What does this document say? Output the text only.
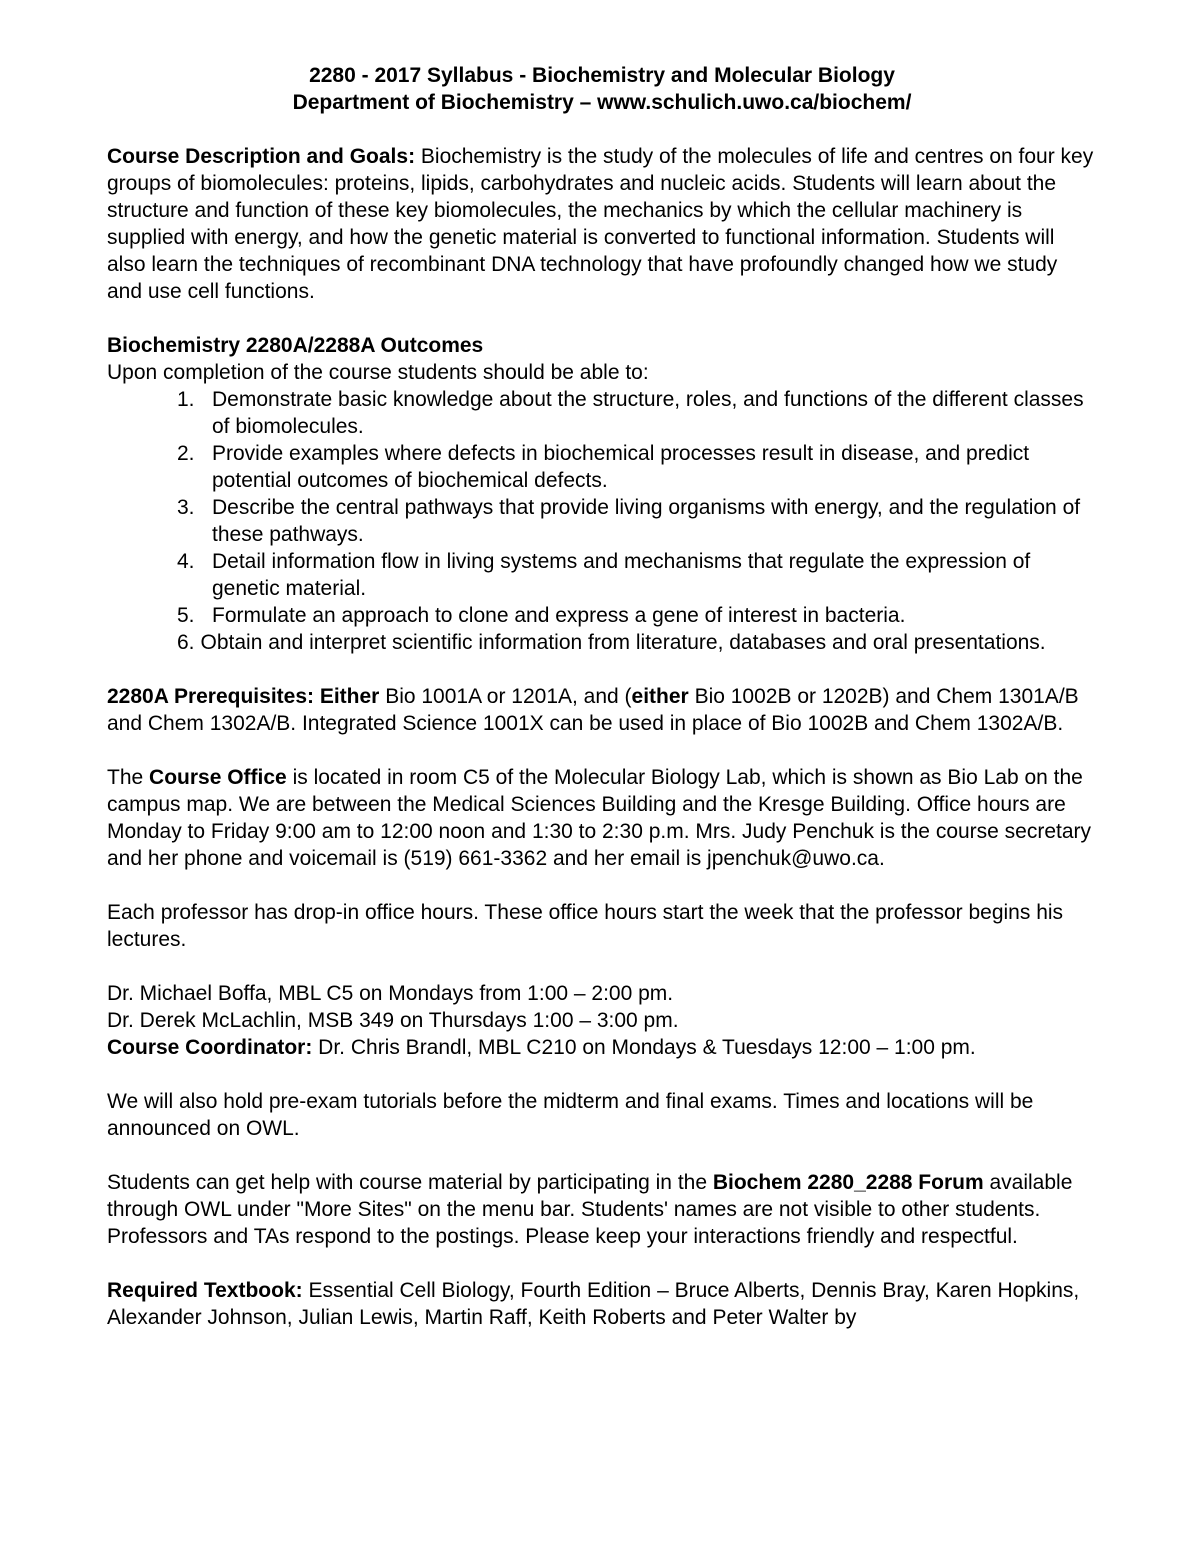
2280 - 2017 Syllabus - Biochemistry and Molecular Biology
Department of Biochemistry – www.schulich.uwo.ca/biochem/

Course Description and Goals: Biochemistry is the study of the molecules of life and centres on four key groups of biomolecules: proteins, lipids, carbohydrates and nucleic acids. Students will learn about the structure and function of these key biomolecules, the mechanics by which the cellular machinery is supplied with energy, and how the genetic material is converted to functional information. Students will also learn the techniques of recombinant DNA technology that have profoundly changed how we study and use cell functions.

Biochemistry 2280A/2288A Outcomes
Upon completion of the course students should be able to:
1. Demonstrate basic knowledge about the structure, roles, and functions of the different classes of biomolecules.
2. Provide examples where defects in biochemical processes result in disease, and predict potential outcomes of biochemical defects.
3. Describe the central pathways that provide living organisms with energy, and the regulation of these pathways.
4. Detail information flow in living systems and mechanisms that regulate the expression of genetic material.
5. Formulate an approach to clone and express a gene of interest in bacteria.
6. Obtain and interpret scientific information from literature, databases and oral presentations.

2280A Prerequisites: Either Bio 1001A or 1201A, and (either Bio 1002B or 1202B) and Chem 1301A/B and Chem 1302A/B. Integrated Science 1001X can be used in place of Bio 1002B and Chem 1302A/B.

The Course Office is located in room C5 of the Molecular Biology Lab, which is shown as Bio Lab on the campus map. We are between the Medical Sciences Building and the Kresge Building. Office hours are Monday to Friday 9:00 am to 12:00 noon and 1:30 to 2:30 p.m. Mrs. Judy Penchuk is the course secretary and her phone and voicemail is (519) 661-3362 and her email is jpenchuk@uwo.ca.

Each professor has drop-in office hours. These office hours start the week that the professor begins his lectures.

Dr. Michael Boffa, MBL C5 on Mondays from 1:00 – 2:00 pm.
Dr. Derek McLachlin, MSB 349 on Thursdays 1:00 – 3:00 pm.
Course Coordinator: Dr. Chris Brandl, MBL C210 on Mondays & Tuesdays 12:00 – 1:00 pm.

We will also hold pre-exam tutorials before the midterm and final exams. Times and locations will be announced on OWL.

Students can get help with course material by participating in the Biochem 2280_2288 Forum available through OWL under "More Sites" on the menu bar. Students' names are not visible to other students. Professors and TAs respond to the postings. Please keep your interactions friendly and respectful.

Required Textbook: Essential Cell Biology, Fourth Edition – Bruce Alberts, Dennis Bray, Karen Hopkins, Alexander Johnson, Julian Lewis, Martin Raff, Keith Roberts and Peter Walter by
